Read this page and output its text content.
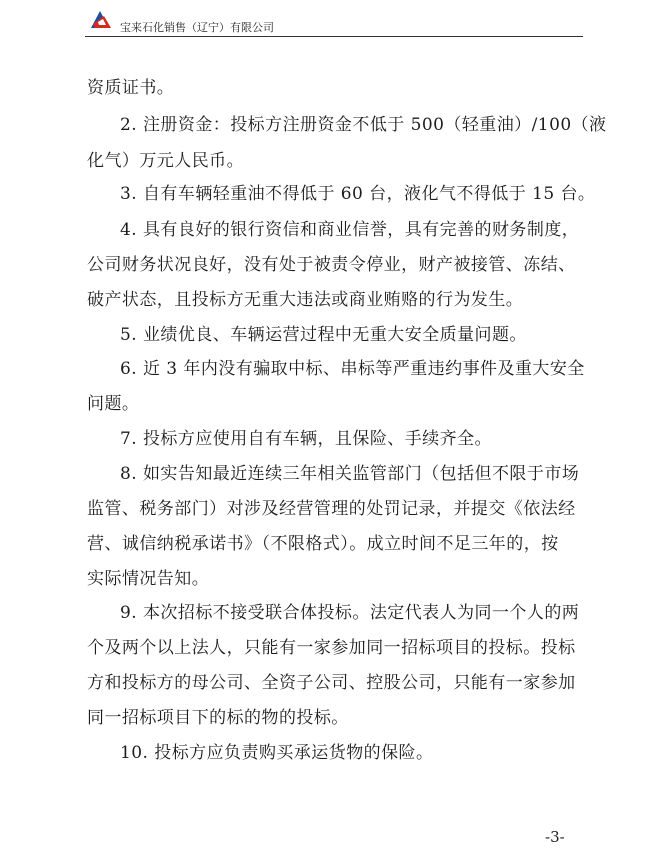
宝来石化销售（辽宁）有限公司
资质证书。
2. 注册资金：投标方注册资金不低于 500（轻重油）/100（液
化气）万元人民币。
3. 自有车辆轻重油不得低于 60 台，液化气不得低于 15 台。
4. 具有良好的银行资信和商业信誉，具有完善的财务制度，
公司财务状况良好，没有处于被责令停业，财产被接管、冻结、
破产状态，且投标方无重大违法或商业贿赂的行为发生。
5. 业绩优良、车辆运营过程中无重大安全质量问题。
6. 近 3 年内没有骗取中标、串标等严重违约事件及重大安全
问题。
7. 投标方应使用自有车辆，且保险、手续齐全。
8. 如实告知最近连续三年相关监管部门（包括但不限于市场
监管、税务部门）对涉及经营管理的处罚记录，并提交《依法经
营、诚信纳税承诺书》（不限格式）。成立时间不足三年的，按
实际情况告知。
9. 本次招标不接受联合体投标。法定代表人为同一个人的两
个及两个以上法人，只能有一家参加同一招标项目的投标。投标
方和投标方的母公司、全资子公司、控股公司，只能有一家参加
同一招标项目下的标的物的投标。
10. 投标方应负责购买承运货物的保险。
-3-
